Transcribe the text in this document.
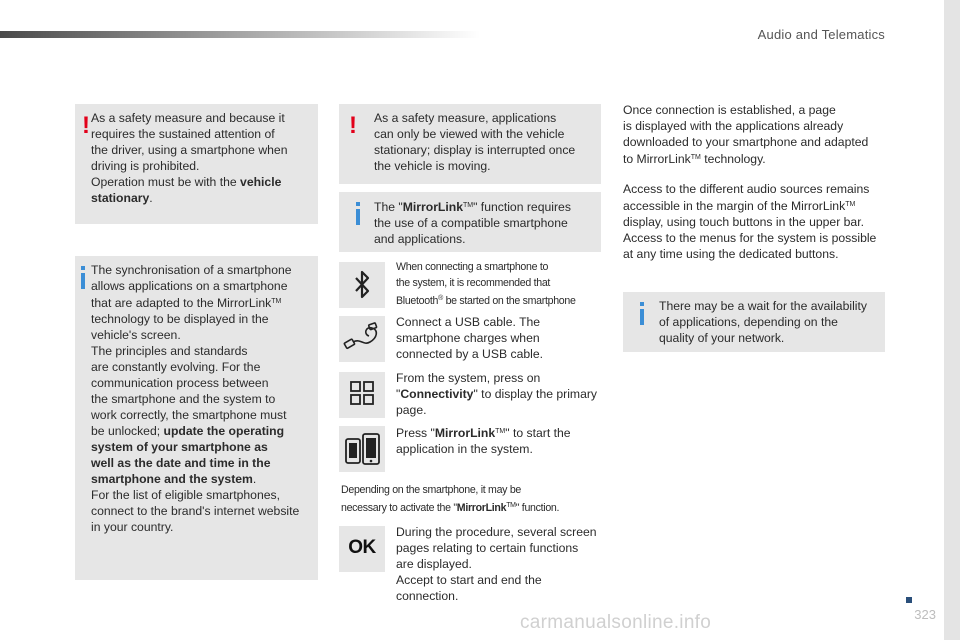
Audio and Telematics
! As a safety measure and because it
requires the sustained attention of
the driver, using a smartphone when
driving is prohibited.
Operation must be with the vehicle
stationary.
The synchronisation of a smartphone
allows applications on a smartphone
that are adapted to the MirrorLink™
technology to be displayed in the
vehicle's screen.
The principles and standards
are constantly evolving. For the
communication process between
the smartphone and the system to
work correctly, the smartphone must
be unlocked; update the operating
system of your smartphone as
well as the date and time in the
smartphone and the system.
For the list of eligible smartphones,
connect to the brand's internet website
in your country.
! As a safety measure, applications
can only be viewed with the vehicle
stationary; display is interrupted once
the vehicle is moving.
The "MirrorLink™" function requires
the use of a compatible smartphone
and applications.
When connecting a smartphone to
the system, it is recommended that
Bluetooth® be started on the smartphone
Connect a USB cable. The
smartphone charges when
connected by a USB cable.
From the system, press on
"Connectivity" to display the primary
page.
Press "MirrorLink™" to start the
application in the system.
Depending on the smartphone, it may be
necessary to activate the "MirrorLink™" function.
OK
During the procedure, several screen
pages relating to certain functions
are displayed.
Accept to start and end the
connection.
Once connection is established, a page
is displayed with the applications already
downloaded to your smartphone and adapted
to MirrorLink™ technology.
Access to the different audio sources remains
accessible in the margin of the MirrorLink™
display, using touch buttons in the upper bar.
Access to the menus for the system is possible
at any time using the dedicated buttons.
There may be a wait for the availability
of applications, depending on the
quality of your network.
323
carmanualsonline.info
